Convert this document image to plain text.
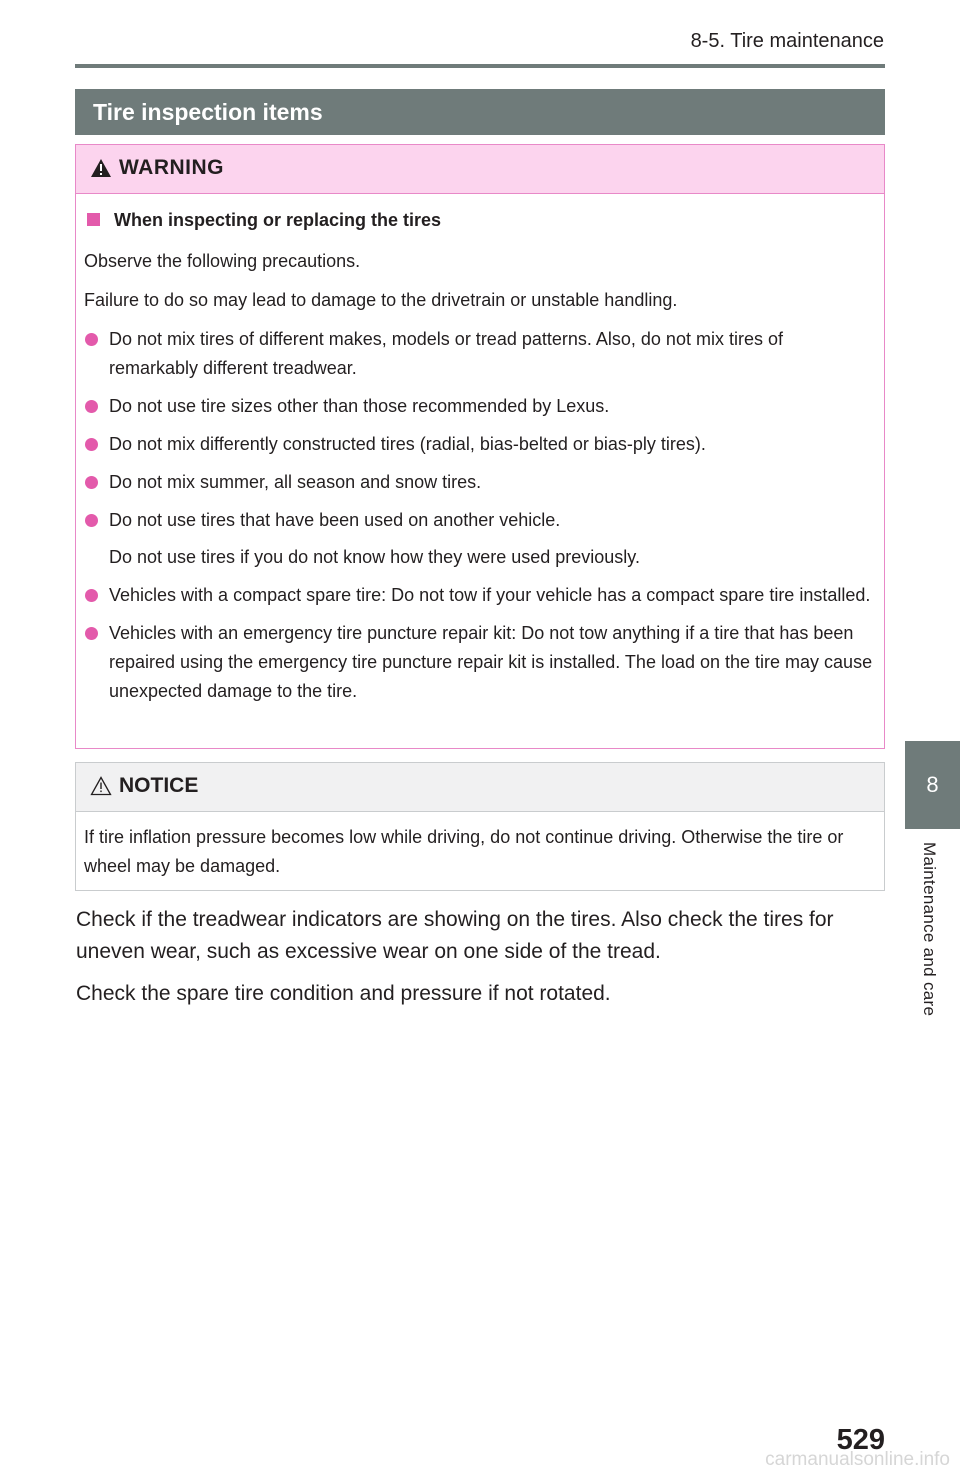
8-5. Tire maintenance
Tire inspection items
WARNING

When inspecting or replacing the tires

Observe the following precautions.

Failure to do so may lead to damage to the drivetrain or unstable handling.

Do not mix tires of different makes, models or tread patterns. Also, do not mix tires of remarkably different treadwear.
Do not use tire sizes other than those recommended by Lexus.
Do not mix differently constructed tires (radial, bias-belted or bias-ply tires).
Do not mix summer, all season and snow tires.
Do not use tires that have been used on another vehicle.
Do not use tires if you do not know how they were used previously.
Vehicles with a compact spare tire: Do not tow if your vehicle has a compact spare tire installed.
Vehicles with an emergency tire puncture repair kit: Do not tow anything if a tire that has been repaired using the emergency tire puncture repair kit is installed. The load on the tire may cause unexpected damage to the tire.
NOTICE
If tire inflation pressure becomes low while driving, do not continue driving. Otherwise the tire or wheel may be damaged.

Check if the treadwear indicators are showing on the tires. Also check the tires for uneven wear, such as excessive wear on one side of the tread.

Check the spare tire condition and pressure if not rotated.

8
Maintenance and care
529
carmanualsonline.info
